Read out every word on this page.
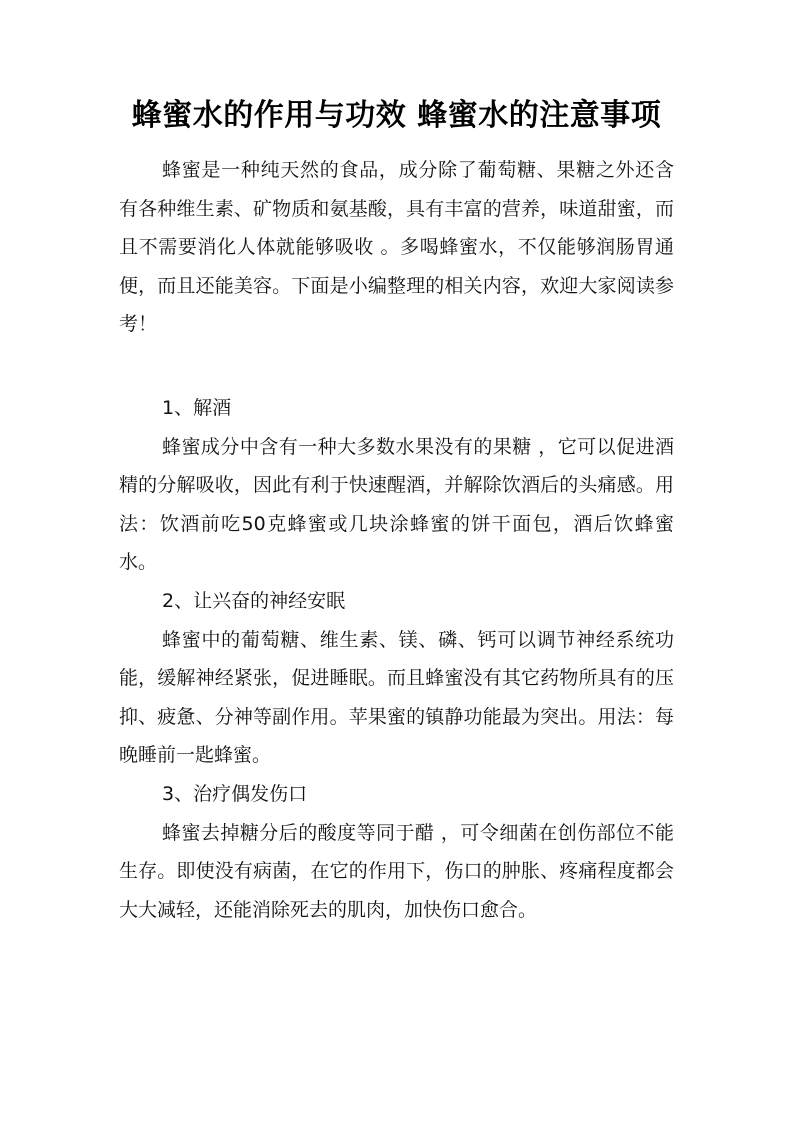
蜂蜜水的作用与功效 蜂蜜水的注意事项

蜂蜜是一种纯天然的食品，成分除了葡萄糖、果糖之外还含有各种维生素、矿物质和氨基酸，具有丰富的营养，味道甜蜜，而且不需要消化人体就能够吸收 。多喝蜂蜜水，不仅能够润肠胃通便，而且还能美容。下面是小编整理的相关内容，欢迎大家阅读参考！

1、解酒

蜂蜜成分中含有一种大多数水果没有的果糖 ，它可以促进酒精的分解吸收，因此有利于快速醒酒，并解除饮酒后的头痛感。用法：饮酒前吃50克蜂蜜或几块涂蜂蜜的饼干面包，酒后饮蜂蜜水。

2、让兴奋的神经安眠

蜂蜜中的葡萄糖、维生素、镁、磷、钙可以调节神经系统功能，缓解神经紧张，促进睡眠。而且蜂蜜没有其它药物所具有的压抑、疲惫、分神等副作用。苹果蜜的镇静功能最为突出。用法：每晚睡前一匙蜂蜜。

3、治疗偶发伤口

蜂蜜去掉糖分后的酸度等同于醋 ，可令细菌在创伤部位不能生存。即使没有病菌，在它的作用下，伤口的肿胀、疼痛程度都会大大减轻，还能消除死去的肌肉，加快伤口愈合。
